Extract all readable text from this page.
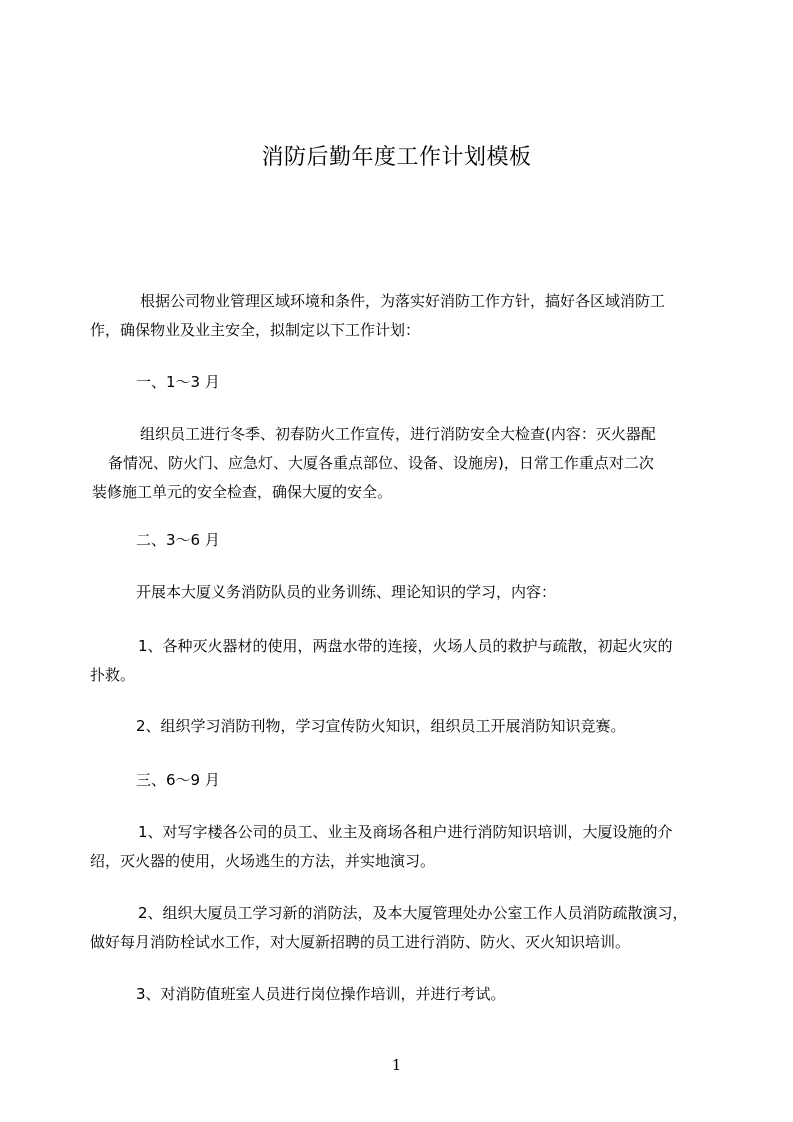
消防后勤年度工作计划模板
根据公司物业管理区域环境和条件，为落实好消防工作方针，搞好各区域消防工
作，确保物业及业主安全，拟制定以下工作计划：
一、1～3 月
组织员工进行冬季、初春防火工作宣传，进行消防安全大检查(内容：灭火器配
备情况、防火门、应急灯、大厦各重点部位、设备、设施房)，日常工作重点对二次
装修施工单元的安全检查，确保大厦的安全。
二、3～6 月
开展本大厦义务消防队员的业务训练、理论知识的学习，内容：
1、各种灭火器材的使用，两盘水带的连接，火场人员的救护与疏散，初起火灾的
扑救。
2、组织学习消防刊物，学习宣传防火知识，组织员工开展消防知识竞赛。
三、6～9 月
1、对写字楼各公司的员工、业主及商场各租户进行消防知识培训，大厦设施的介
绍，灭火器的使用，火场逃生的方法，并实地演习。
2、组织大厦员工学习新的消防法，及本大厦管理处办公室工作人员消防疏散演习，
做好每月消防栓试水工作，对大厦新招聘的员工进行消防、防火、灭火知识培训。
3、对消防值班室人员进行岗位操作培训，并进行考试。
1
